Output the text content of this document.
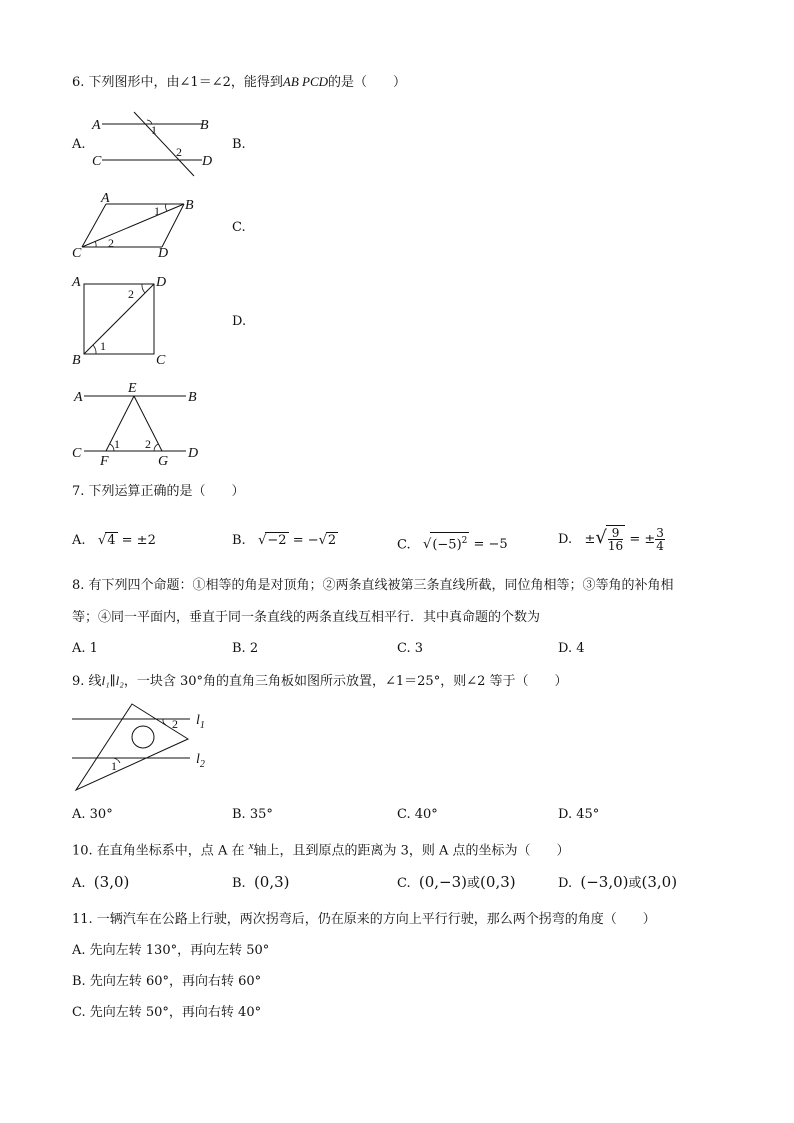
6. 下列图形中，由∠1＝∠2，能得到AB PCD的是（　　）
A.
A	B
C	D
1
2	B.
A	B
C	D
1
2
C.
A	D
B	C
1
2
D.
A	B
E
C	D
F	G
1 2
7. 下列运算正确的是（　　）
A. √4 = ±2	B. √−2 = −√2	C. $√(-5)^2 = -5$	D. ±√ $\frac{9}{16}$ = ± $\frac{3}{4}$
8. 有下列四个命题：①相等的角是对顶角；②两条直线被第三条直线所截，同位角相等；③等角的补角相
等；④同一平面内，垂直于同一条直线的两条直线互相平行．其中真命题的个数为
A. 1	B. 2	C. 3	D. 4
9. 线l₁∥l₂，一块含 30°角的直角三角板如图所示放置，∠1＝25°，则∠2 等于（　　）
$l_1$
$l_2$
1
2
A. 30°	B. 35°	C. 40°	D. 45°
10. 在直角坐标系中，点 A 在 $^x$轴上，且到原点的距离为 3，则 A 点的坐标为（　　）
A. (3,0)	B. (0,3)	C. (0,−3)或(0,3)	D. (−3,0)或(3,0)
11. 一辆汽车在公路上行驶，两次拐弯后，仍在原来的方向上平行行驶，那么两个拐弯的角度（　　）
A. 先向左转 130°，再向左转 50°
B. 先向左转 60°，再向右转 60°
C. 先向左转 50°，再向右转 40°
